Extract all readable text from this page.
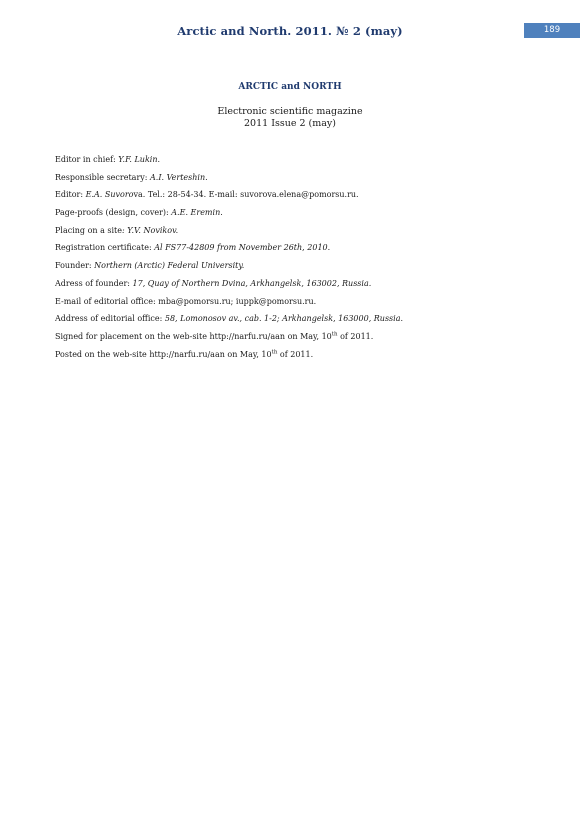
Arctic and North. 2011. № 2 (may)	189
ARCTIC and NORTH
Electronic scientific magazine
2011 Issue 2 (may)
Editor in chief: Y.F. Lukin.
Responsible secretary: A.I. Verteshin.
Editor: E.A. Suvorova. Tel.: 28-54-34. E-mail: suvorova.elena@pomorsu.ru.
Page-proofs (design, cover): A.E. Eremin.
Placing on a site: Y.V. Novikov.
Registration certificate: Al FS77-42809 from November 26th, 2010.
Founder: Northern (Arctic) Federal University.
Adress of founder: 17, Quay of Northern Dvina, Arkhangelsk, 163002, Russia.
E-mail of editorial office: mba@pomorsu.ru; iuppk@pomorsu.ru.
Address of editorial office: 58, Lomonosov av., cab. 1-2; Arkhangelsk, 163000, Russia.
Signed for placement on the web-site http://narfu.ru/aan on May, 10th of 2011.
Posted on the web-site http://narfu.ru/aan on May, 10th of 2011.
